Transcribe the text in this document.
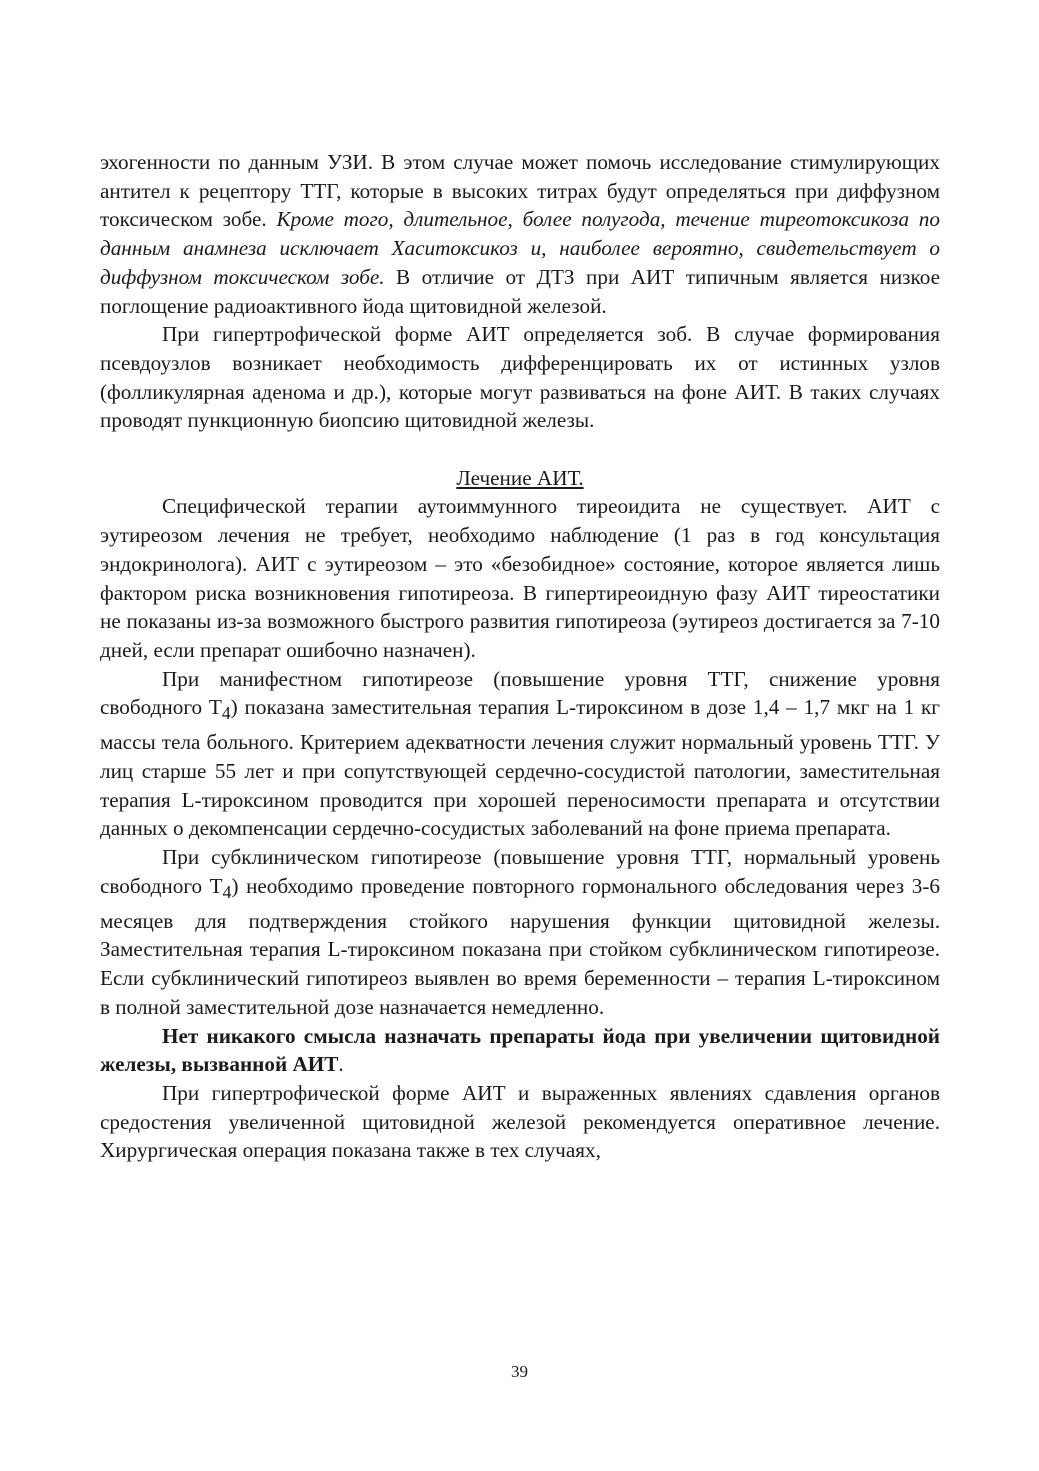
эхогенности по данным УЗИ. В этом случае может помочь исследование стимулирующих антител к рецептору ТТГ, которые в высоких титрах будут определяться при диффузном токсическом зобе. Кроме того, длительное, более полугода, течение тиреотоксикоза по данным анамнеза исключает Хаситоксикоз и, наиболее вероятно, свидетельствует о диффузном токсическом зобе. В отличие от ДТЗ при АИТ типичным является низкое поглощение радиоактивного йода щитовидной железой.

При гипертрофической форме АИТ определяется зоб. В случае формирования псевдоузлов возникает необходимость дифференцировать их от истинных узлов (фолликулярная аденома и др.), которые могут развиваться на фоне АИТ. В таких случаях проводят пункционную биопсию щитовидной железы.

Лечение АИТ.

Специфической терапии аутоиммунного тиреоидита не существует. АИТ с эутиреозом лечения не требует, необходимо наблюдение (1 раз в год консультация эндокринолога). АИТ с эутиреозом – это «безобидное» состояние, которое является лишь фактором риска возникновения гипотиреоза. В гипертиреоидную фазу АИТ тиреостатики не показаны из-за возможного быстрого развития гипотиреоза (эутиреоз достигается за 7-10 дней, если препарат ошибочно назначен).

При манифестном гипотиреозе (повышение уровня ТТГ, снижение уровня свободного $Т_4$) показана заместительная терапия L-тироксином в дозе 1,4 – 1,7 мкг на 1 кг массы тела больного. Критерием адекватности лечения служит нормальный уровень ТТГ. У лиц старше 55 лет и при сопутствующей сердечно-сосудистой патологии, заместительная терапия L-тироксином проводится при хорошей переносимости препарата и отсутствии данных о декомпенсации сердечно-сосудистых заболеваний на фоне приема препарата.

При субклиническом гипотиреозе (повышение уровня ТТГ, нормальный уровень свободного $Т_4$) необходимо проведение повторного гормонального обследования через 3-6 месяцев для подтверждения стойкого нарушения функции щитовидной железы. Заместительная терапия L-тироксином показана при стойком субклиническом гипотиреозе. Если субклинический гипотиреоз выявлен во время беременности – терапия L-тироксином в полной заместительной дозе назначается немедленно.

Нет никакого смысла назначать препараты йода при увеличении щитовидной железы, вызванной АИТ.

При гипертрофической форме АИТ и выраженных явлениях сдавления органов средостения увеличенной щитовидной железой рекомендуется оперативное лечение. Хирургическая операция показана также в тех случаях,

39
